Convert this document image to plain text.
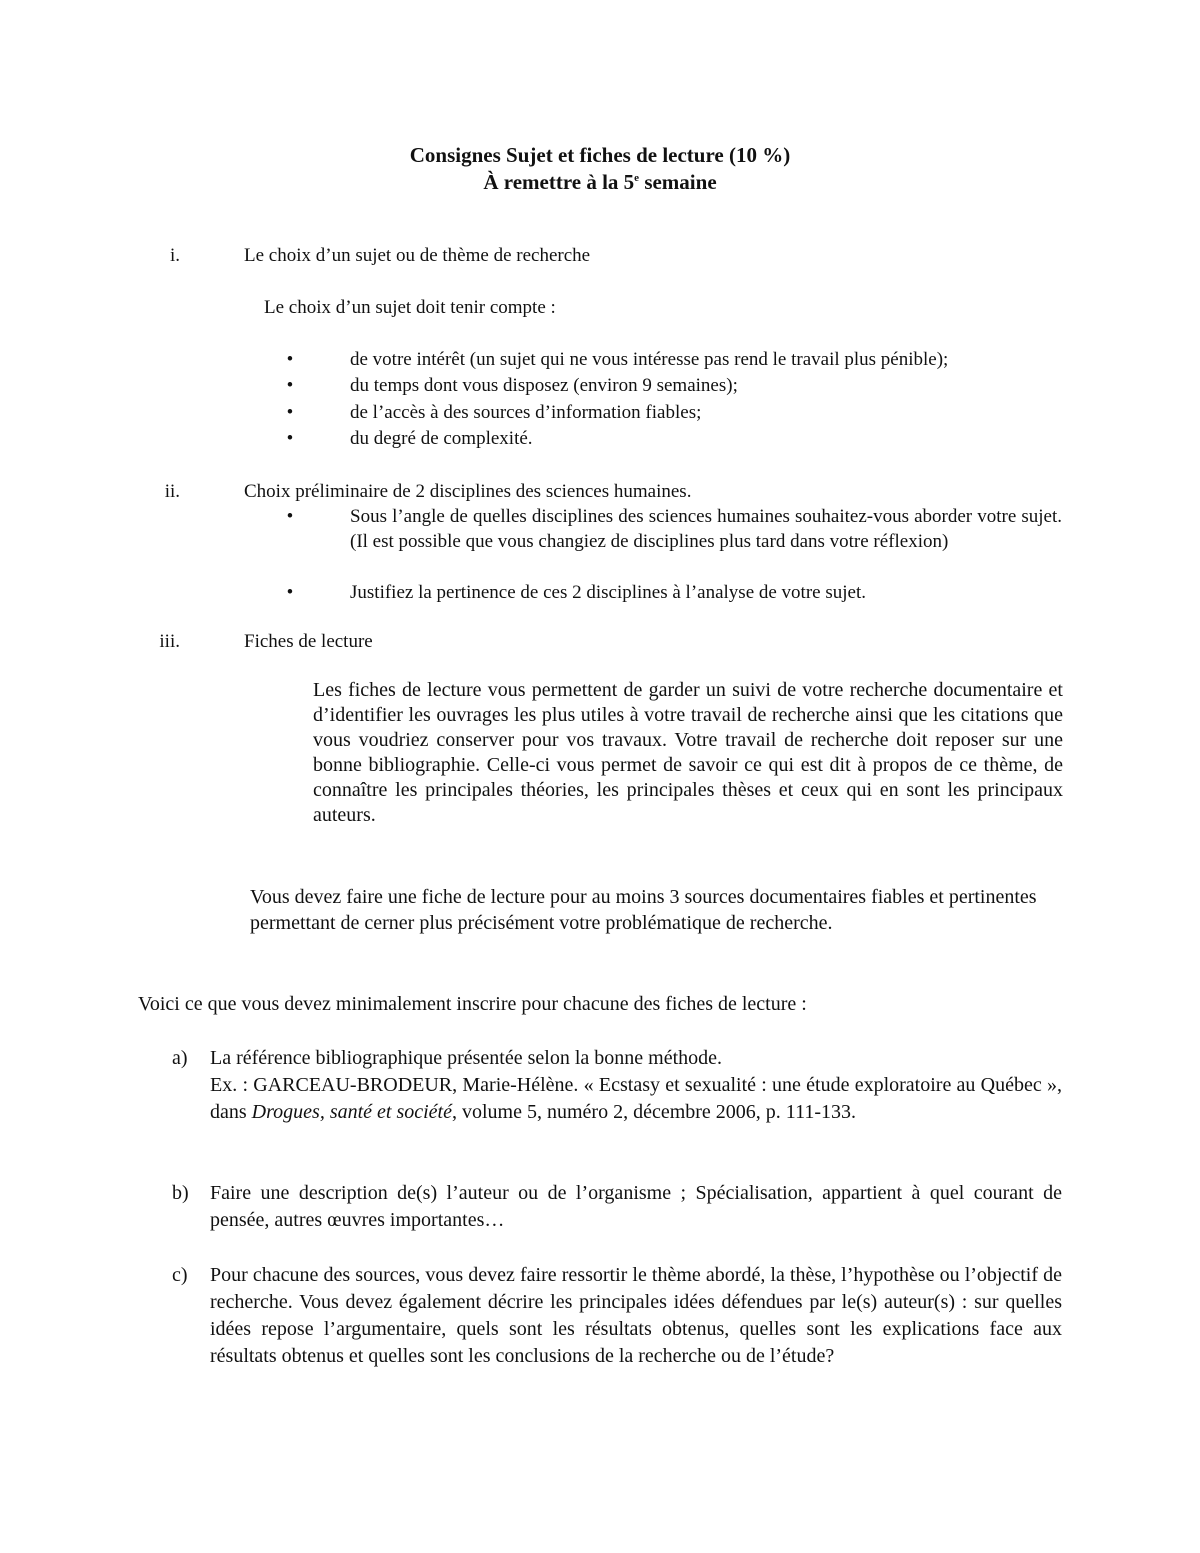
Consignes Sujet et fiches de lecture (10 %)
À remettre à la 5e semaine
i.	Le choix d’un sujet ou de thème de recherche
Le choix d’un sujet doit tenir compte :
•	de votre intérêt (un sujet qui ne vous intéresse pas rend le travail plus pénible);
•	du temps dont vous disposez (environ 9 semaines);
•	de l’accès à des sources d’information fiables;
•	du degré de complexité.
ii.	Choix préliminaire de 2 disciplines des sciences humaines.
•	Sous l’angle de quelles disciplines des sciences humaines souhaitez-vous aborder votre sujet. (Il est possible que vous changiez de disciplines plus tard dans votre réflexion)
•	Justifiez la pertinence de ces 2 disciplines à l’analyse de votre sujet.
iii.	Fiches de lecture
Les fiches de lecture vous permettent de garder un suivi de votre recherche documentaire et d’identifier les ouvrages les plus utiles à votre travail de recherche ainsi que les citations que vous voudriez conserver pour vos travaux. Votre travail de recherche doit reposer sur une bonne bibliographie. Celle-ci vous permet de savoir ce qui est dit à propos de ce thème, de connaître les principales théories, les principales thèses et ceux qui en sont les principaux auteurs.
Vous devez faire une fiche de lecture pour au moins 3 sources documentaires fiables et pertinentes permettant de cerner plus précisément votre problématique de recherche.
Voici ce que vous devez minimalement inscrire pour chacune des fiches de lecture :
a) La référence bibliographique présentée selon la bonne méthode.
Ex. : GARCEAU-BRODEUR, Marie-Hélène. « Ecstasy et sexualité : une étude exploratoire au Québec », dans Drogues, santé et société, volume 5, numéro 2, décembre 2006, p. 111-133.
b) Faire une description de(s) l’auteur ou de l’organisme ; Spécialisation, appartient à quel courant de pensée, autres œuvres importantes…
c) Pour chacune des sources, vous devez faire ressortir le thème abordé, la thèse, l’hypothèse ou l’objectif de recherche. Vous devez également décrire les principales idées défendues par le(s) auteur(s) : sur quelles idées repose l’argumentaire, quels sont les résultats obtenus, quelles sont les explications face aux résultats obtenus et quelles sont les conclusions de la recherche ou de l’étude?
